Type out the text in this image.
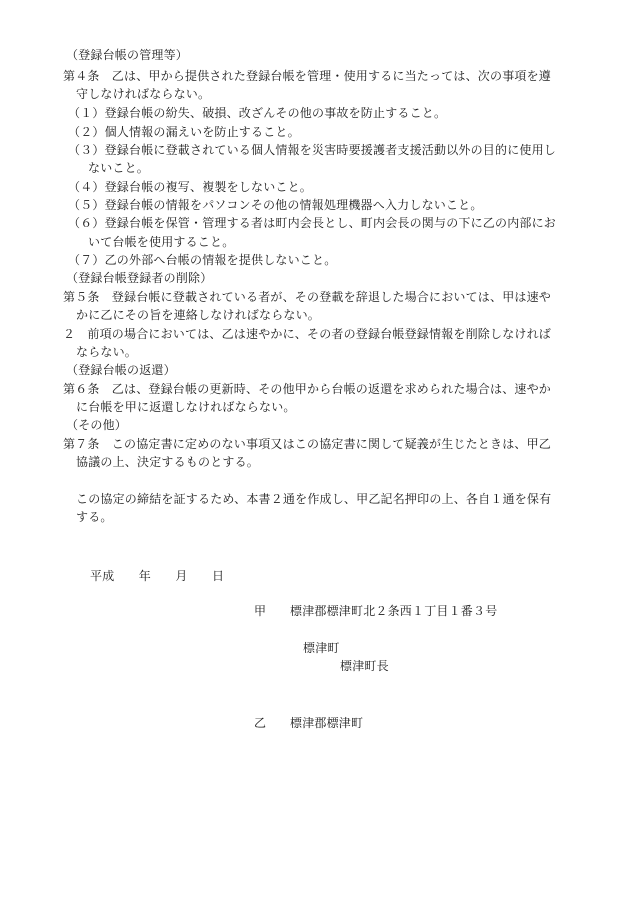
（登録台帳の管理等）
第４条　乙は、甲から提供された登録台帳を管理・使用するに当たっては、次の事項を遵
守しなければならない。
（１）登録台帳の紛失、破損、改ざんその他の事故を防止すること。
（２）個人情報の漏えいを防止すること。
（３）登録台帳に登載されている個人情報を災害時要援護者支援活動以外の目的に使用し
ないこと。
（４）登録台帳の複写、複製をしないこと。
（５）登録台帳の情報をパソコンその他の情報処理機器へ入力しないこと。
（６）登録台帳を保管・管理する者は町内会長とし、町内会長の関与の下に乙の内部にお
いて台帳を使用すること。
（７）乙の外部へ台帳の情報を提供しないこと。
（登録台帳登録者の削除）
第５条　登録台帳に登載されている者が、その登載を辞退した場合においては、甲は速や
かに乙にその旨を連絡しなければならない。
２　前項の場合においては、乙は速やかに、その者の登録台帳登録情報を削除しなければ
ならない。
（登録台帳の返還）
第６条　乙は、登録台帳の更新時、その他甲から台帳の返還を求められた場合は、速やか
に台帳を甲に返還しなければならない。
（その他）
第７条　この協定書に定めのない事項又はこの協定書に関して疑義が生じたときは、甲乙
協議の上、決定するものとする。
この協定の締結を証するため、本書２通を作成し、甲乙記名押印の上、各自１通を保有
する。
平成　　年　　月　　日
甲 標津郡標津町北２条西１丁目１番３号
標津町
標津町長
乙 標津郡標津町
